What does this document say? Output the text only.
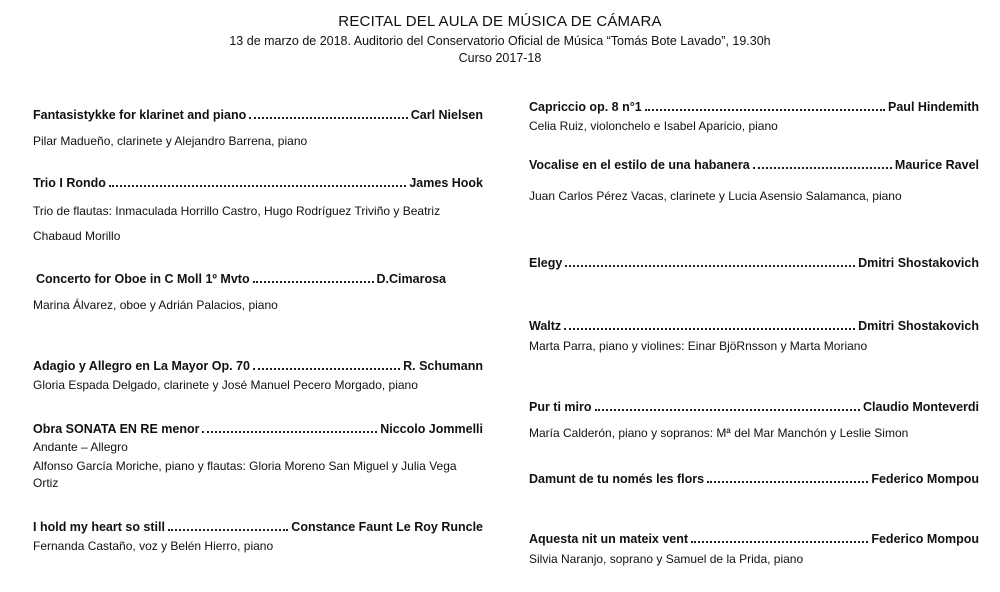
RECITAL DEL AULA DE MÚSICA DE CÁMARA
13 de marzo de 2018. Auditorio del Conservatorio Oficial de Música “Tomás Bote Lavado”, 19.30h
Curso 2017-18
Fantasistykke for klarinet and piano	Carl Nielsen
Pilar Madueño, clarinete y Alejandro Barrena, piano
Trio I Rondo	James Hook
Trio de flautas: Inmaculada Horrillo Castro, Hugo Rodríguez Triviño y Beatriz Chabaud Morillo
Concerto for Oboe in C Moll 1º Mvto	D.Cimarosa
Marina Álvarez, oboe y Adrián Palacios, piano
Adagio y Allegro en La Mayor Op. 70	R. Schumann
Gloria Espada Delgado, clarinete y José Manuel Pecero Morgado, piano
Obra SONATA EN RE menor	Niccolo Jommelli
Andante – Allegro
Alfonso García Moriche, piano y flautas: Gloria Moreno San Miguel y Julia Vega Ortiz
I hold my heart so still	Constance Faunt Le Roy Runcle
Fernanda Castaño, voz y Belén Hierro, piano
Capriccio op. 8 n°1	Paul Hindemith
Celia Ruiz, violonchelo e Isabel Aparicio, piano
Vocalise en el estilo de una habanera	Maurice Ravel
Juan Carlos Pérez Vacas, clarinete y Lucia Asensio Salamanca, piano
Elegy	Dmitri Shostakovich
Waltz	Dmitri Shostakovich
Marta Parra, piano y violines: Einar BjöRnsson y Marta Moriano
Pur ti miro	Claudio Monteverdi
María Calderón, piano y sopranos: Mª del Mar Manchón y Leslie Simon
Damunt de tu només les flors	Federico Mompou
Aquesta nit un mateix vent	Federico Mompou
Silvia Naranjo, soprano y Samuel de la Prida, piano
